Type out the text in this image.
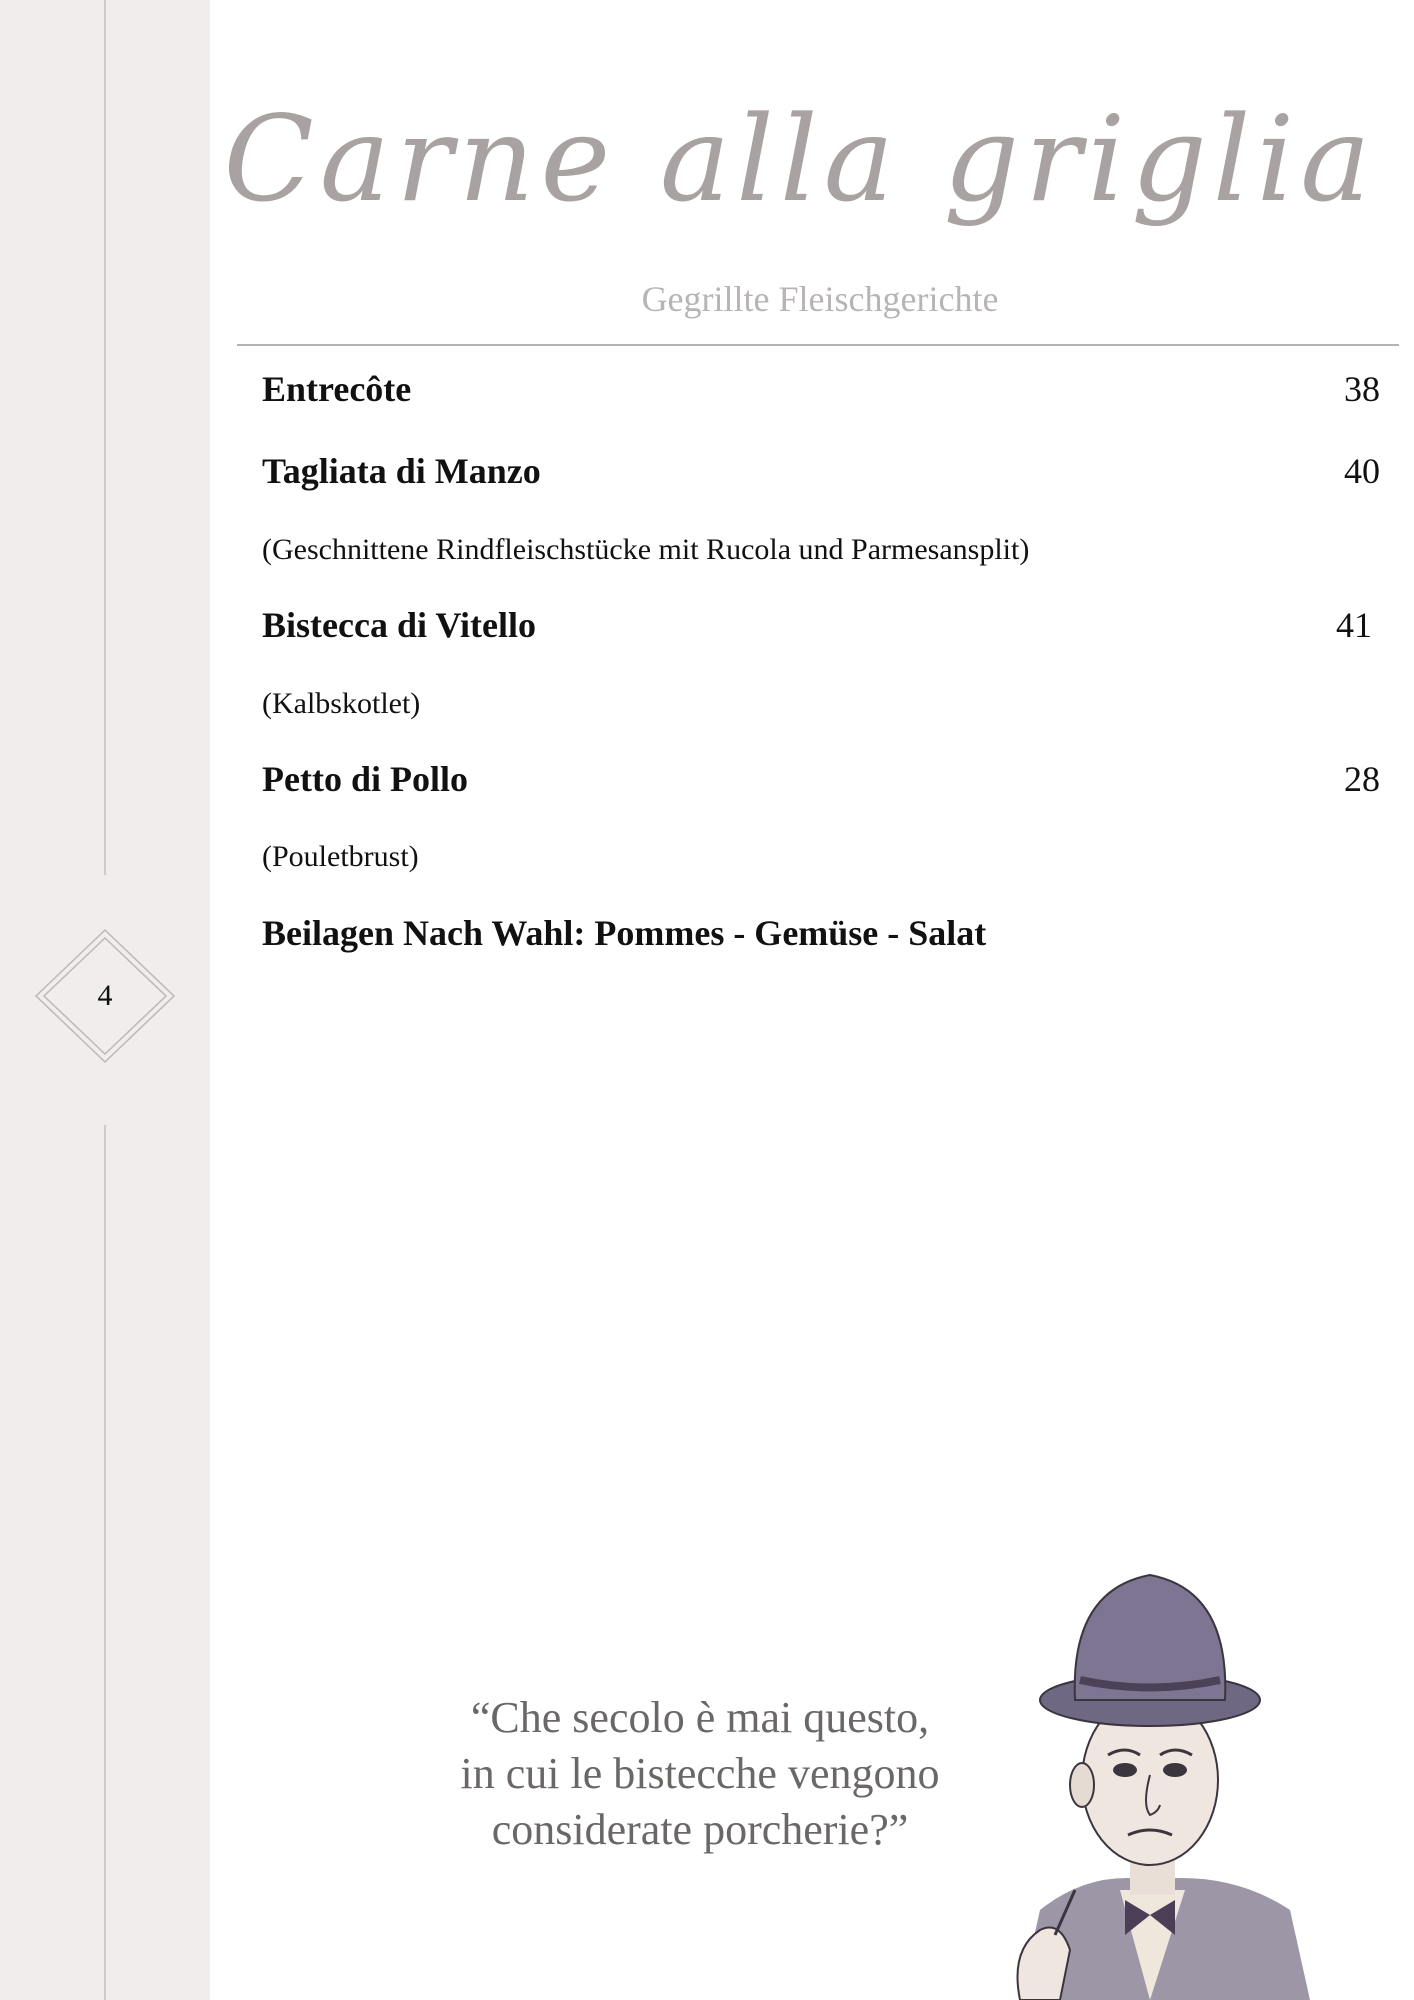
4
Carne alla griglia
Gegrillte Fleischgerichte
Entrecôte	38
Tagliata di Manzo	40
(Geschnittene Rindfleischstücke mit Rucola und Parmesansplit)
Bistecca di Vitello	41
(Kalbskotlet)
Petto di Pollo	28
(Pouletbrust)
Beilagen Nach Wahl: Pommes - Gemüse - Salat
“Che secolo è mai questo,
in cui le bistecche vengono
considerate porcherie?”
